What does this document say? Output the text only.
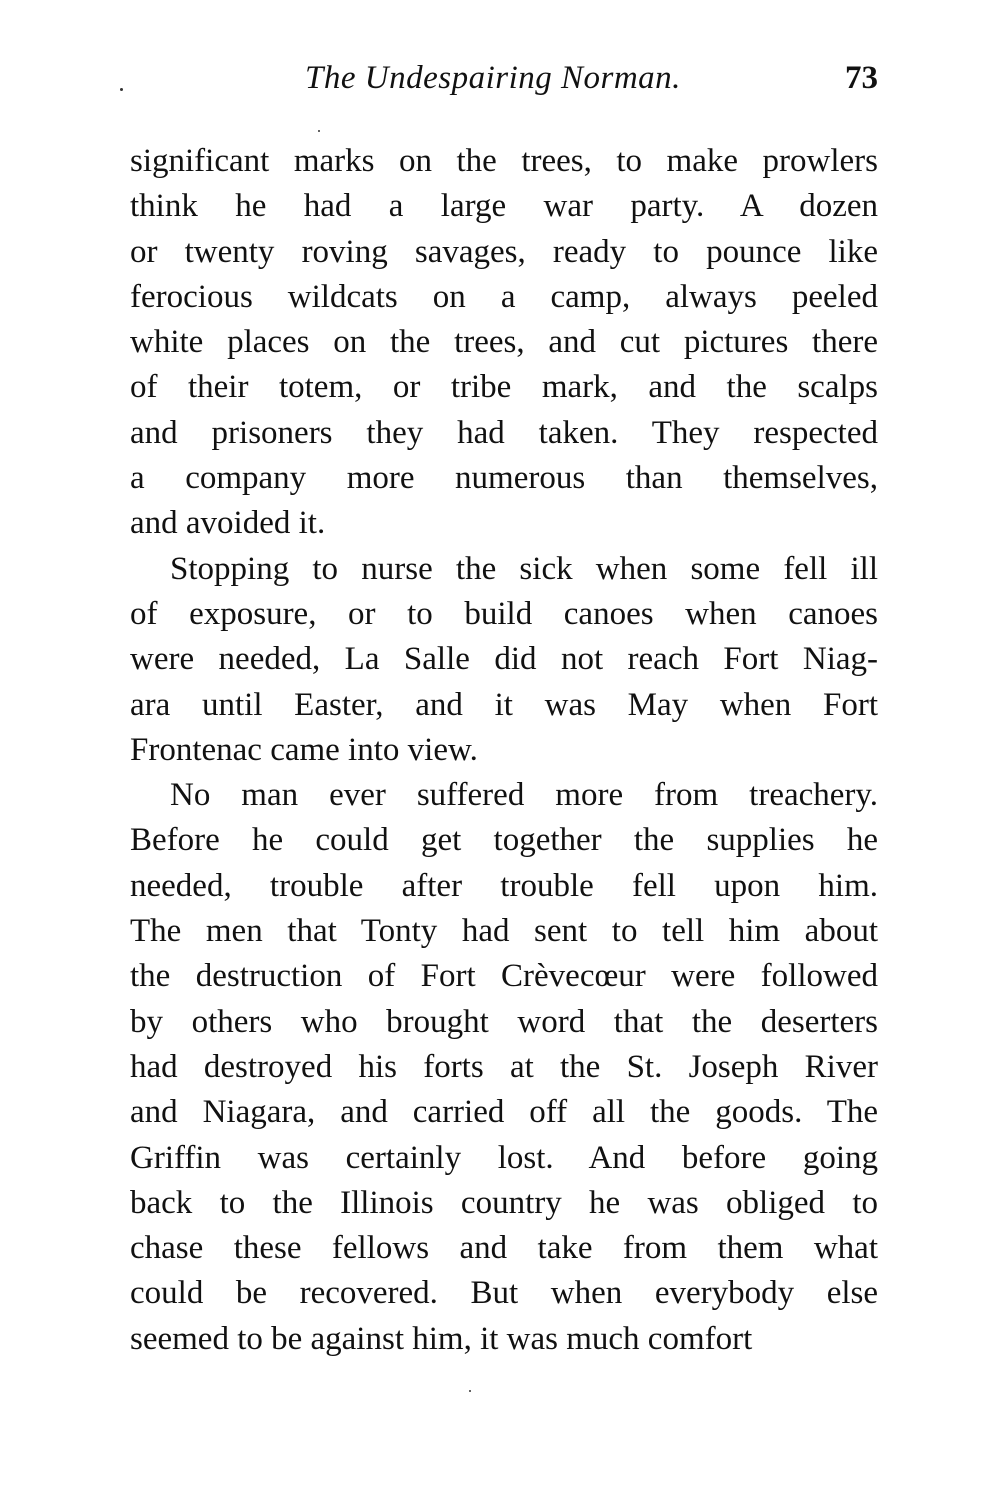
The Undespairing Norman.	73
significant marks on the trees, to make prowlers
think he had a large war party. A dozen
or twenty roving savages, ready to pounce like
ferocious wildcats on a camp, always peeled
white places on the trees, and cut pictures there
of their totem, or tribe mark, and the scalps
and prisoners they had taken. They respected
a company more numerous than themselves,
and avoided it.
Stopping to nurse the sick when some fell ill
of exposure, or to build canoes when canoes
were needed, La Salle did not reach Fort Niag-
ara until Easter, and it was May when Fort
Frontenac came into view.
No man ever suffered more from treachery.
Before he could get together the supplies he
needed, trouble after trouble fell upon him.
The men that Tonty had sent to tell him about
the destruction of Fort Crèvecœur were followed
by others who brought word that the deserters
had destroyed his forts at the St. Joseph River
and Niagara, and carried off all the goods. The
Griffin was certainly lost. And before going
back to the Illinois country he was obliged to
chase these fellows and take from them what
could be recovered. But when everybody else
seemed to be against him, it was much comfort
